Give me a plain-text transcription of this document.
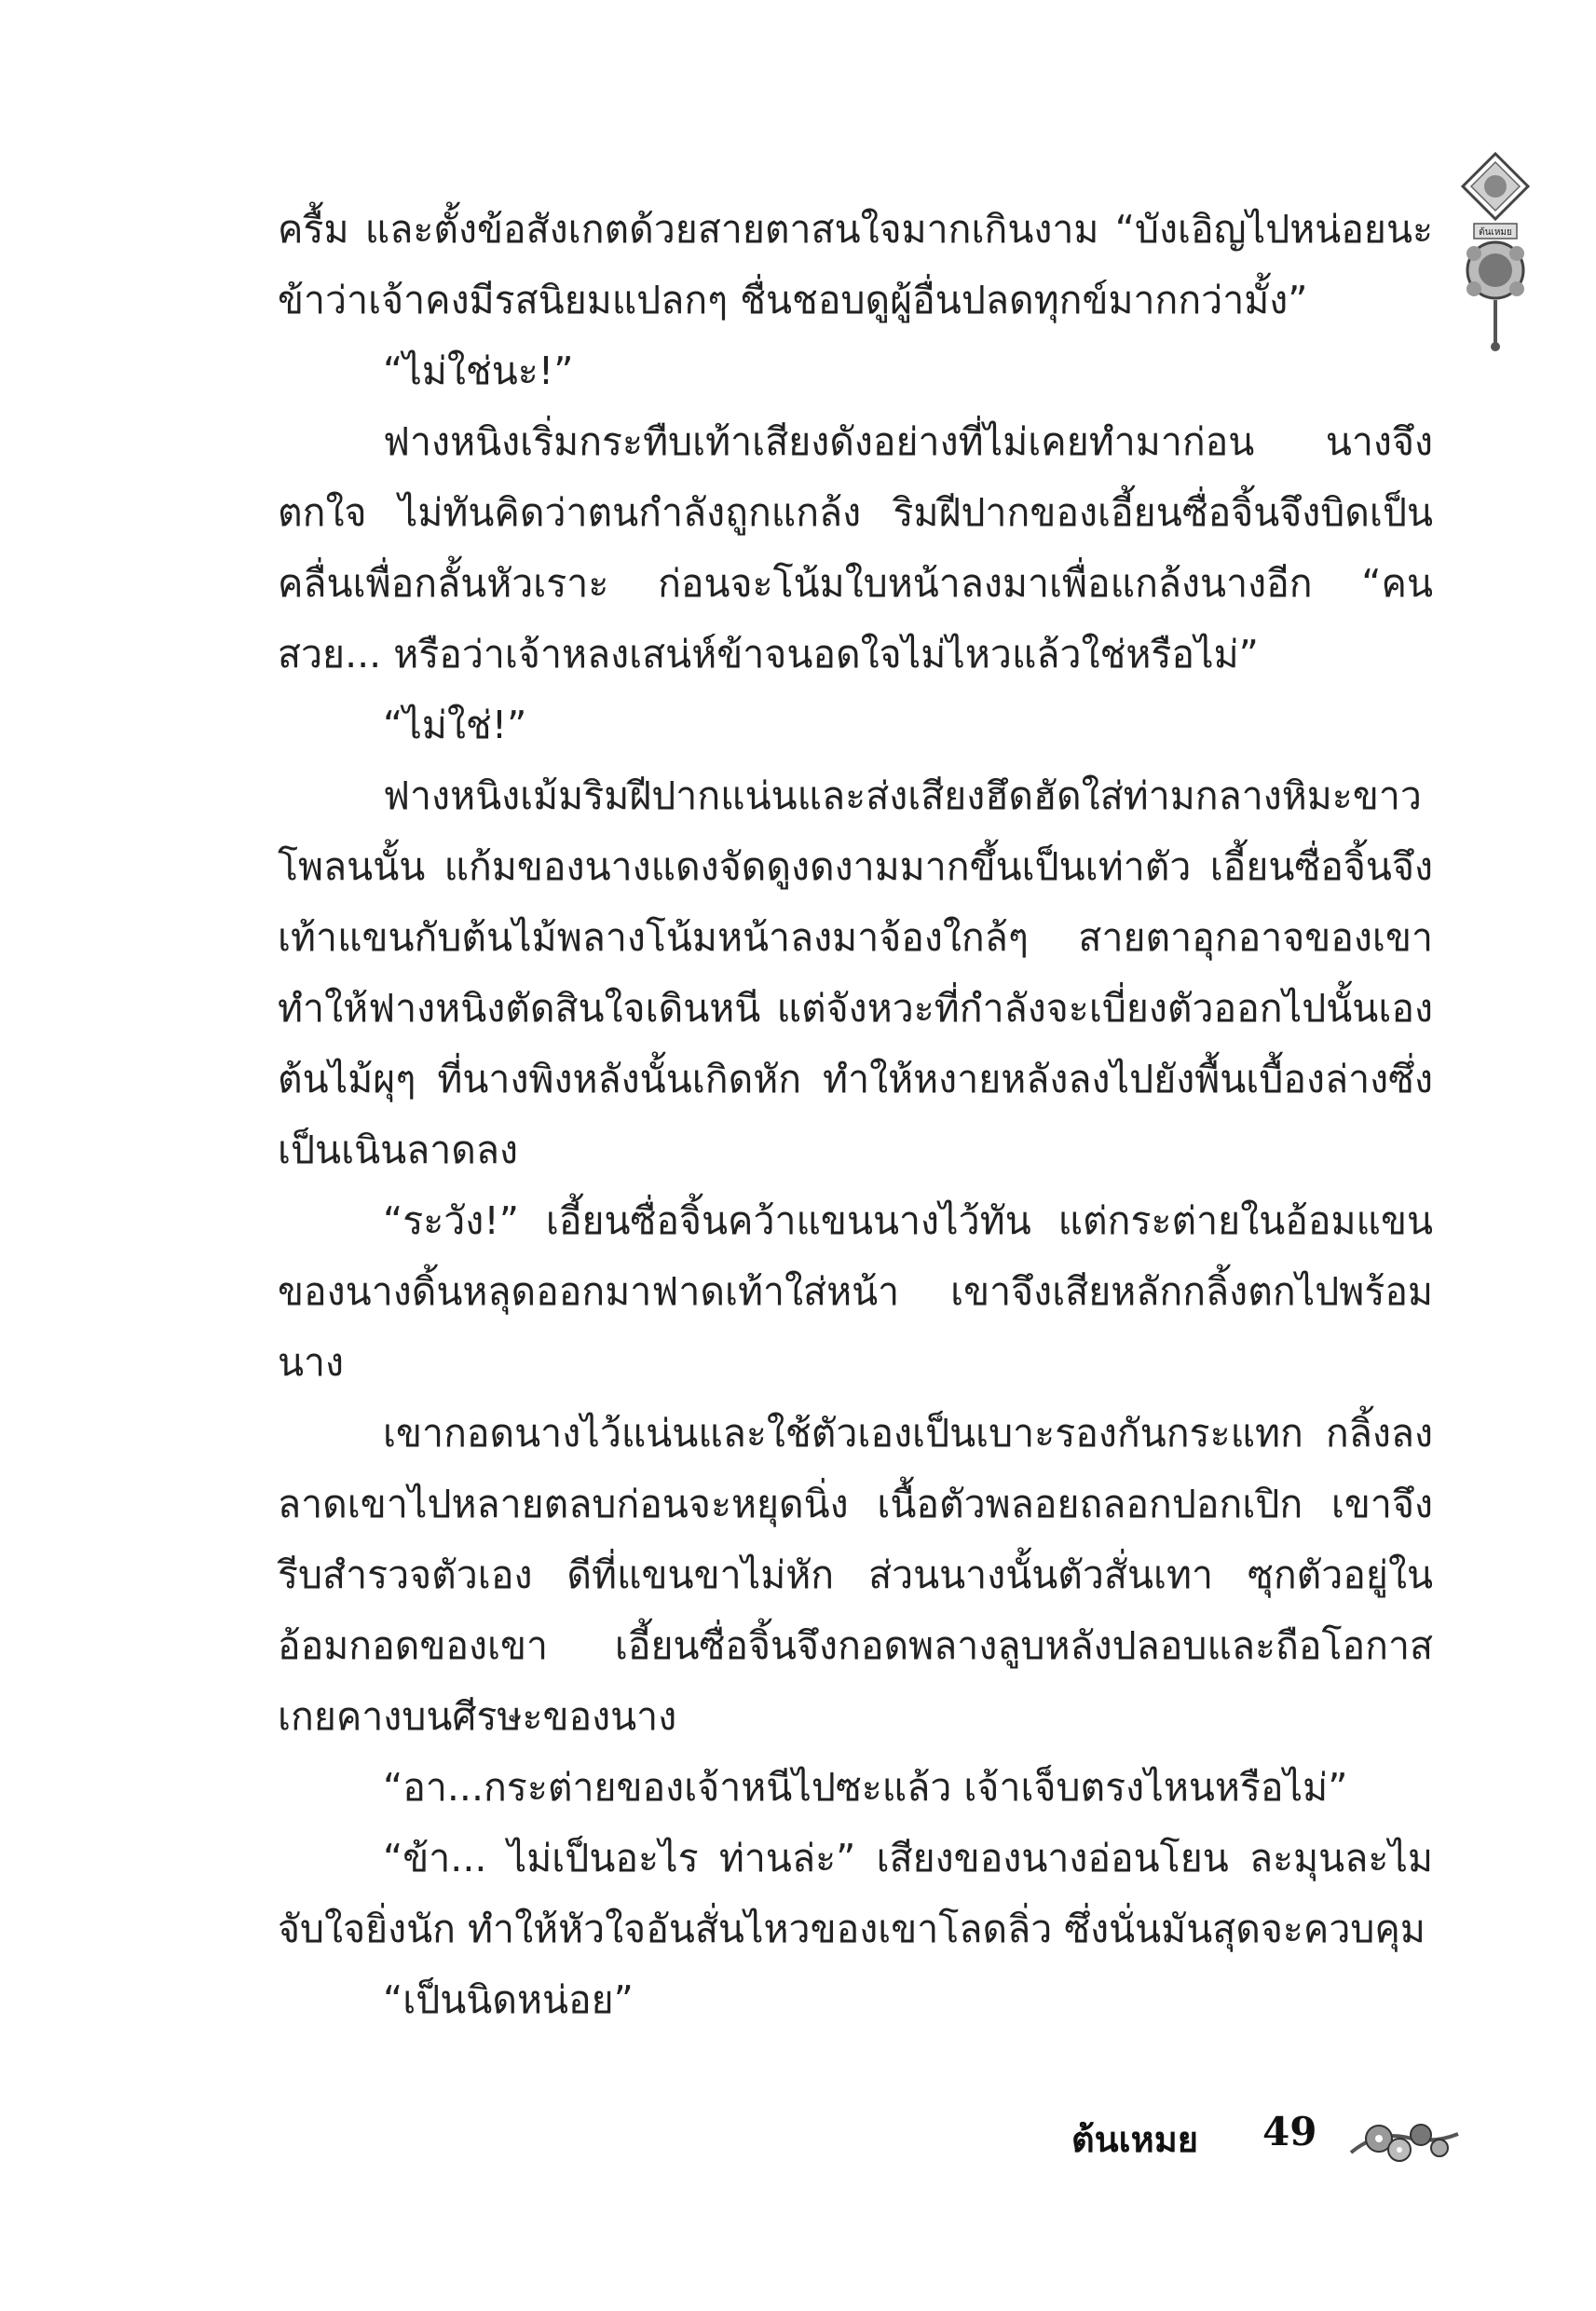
ต้นเหมย

ครื้ม และตั้งข้อสังเกตด้วยสายตาสนใจมากเกินงาม “บังเอิญไปหน่อยนะ ข้าว่าเจ้าคงมีรสนิยมแปลกๆ ชื่นชอบดูผู้อื่นปลดทุกข์มากกว่ามั้ง”

“ไม่ใช่นะ!”

ฟางหนิงเริ่มกระทืบเท้าเสียงดังอย่างที่ไม่เคยทำมาก่อน นางจึงตกใจ ไม่ทันคิดว่าตนกำลังถูกแกล้ง ริมฝีปากของเอี้ยนซื่อจิ้นจึงบิดเป็นคลื่นเพื่อกลั้นหัวเราะ ก่อนจะโน้มใบหน้าลงมาเพื่อแกล้งนางอีก “คนสวย... หรือว่าเจ้าหลงเสน่ห์ข้าจนอดใจไม่ไหวแล้วใช่หรือไม่”

“ไม่ใช่!”

ฟางหนิงเม้มริมฝีปากแน่นและส่งเสียงฮึดฮัดใส่ท่ามกลางหิมะขาวโพลนนั้น แก้มของนางแดงจัดดูงดงามมากขึ้นเป็นเท่าตัว เอี้ยนซื่อจิ้นจึงเท้าแขนกับต้นไม้พลางโน้มหน้าลงมาจ้องใกล้ๆ สายตาอุกอาจของเขาทำให้ฟางหนิงตัดสินใจเดินหนี แต่จังหวะที่กำลังจะเบี่ยงตัวออกไปนั้นเอง ต้นไม้ผุๆ ที่นางพิงหลังนั้นเกิดหัก ทำให้หงายหลังลงไปยังพื้นเบื้องล่างซึ่งเป็นเนินลาดลง

“ระวัง!” เอี้ยนซื่อจิ้นคว้าแขนนางไว้ทัน แต่กระต่ายในอ้อมแขนของนางดิ้นหลุดออกมาฟาดเท้าใส่หน้า เขาจึงเสียหลักกลิ้งตกไปพร้อมนาง

เขากอดนางไว้แน่นและใช้ตัวเองเป็นเบาะรองกันกระแทก กลิ้งลงลาดเขาไปหลายตลบก่อนจะหยุดนิ่ง เนื้อตัวพลอยถลอกปอกเปิก เขาจึงรีบสำรวจตัวเอง ดีที่แขนขาไม่หัก ส่วนนางนั้นตัวสั่นเทา ซุกตัวอยู่ในอ้อมกอดของเขา เอี้ยนซื่อจิ้นจึงกอดพลางลูบหลังปลอบและถือโอกาสเกยคางบนศีรษะของนาง

“อา...กระต่ายของเจ้าหนีไปซะแล้ว เจ้าเจ็บตรงไหนหรือไม่”

“ข้า... ไม่เป็นอะไร ท่านล่ะ” เสียงของนางอ่อนโยน ละมุนละไมจับใจยิ่งนัก ทำให้หัวใจอันสั่นไหวของเขาโลดลิ่ว ซึ่งนั่นมันสุดจะควบคุม

“เป็นนิดหน่อย”

ต้นเหมย 49
